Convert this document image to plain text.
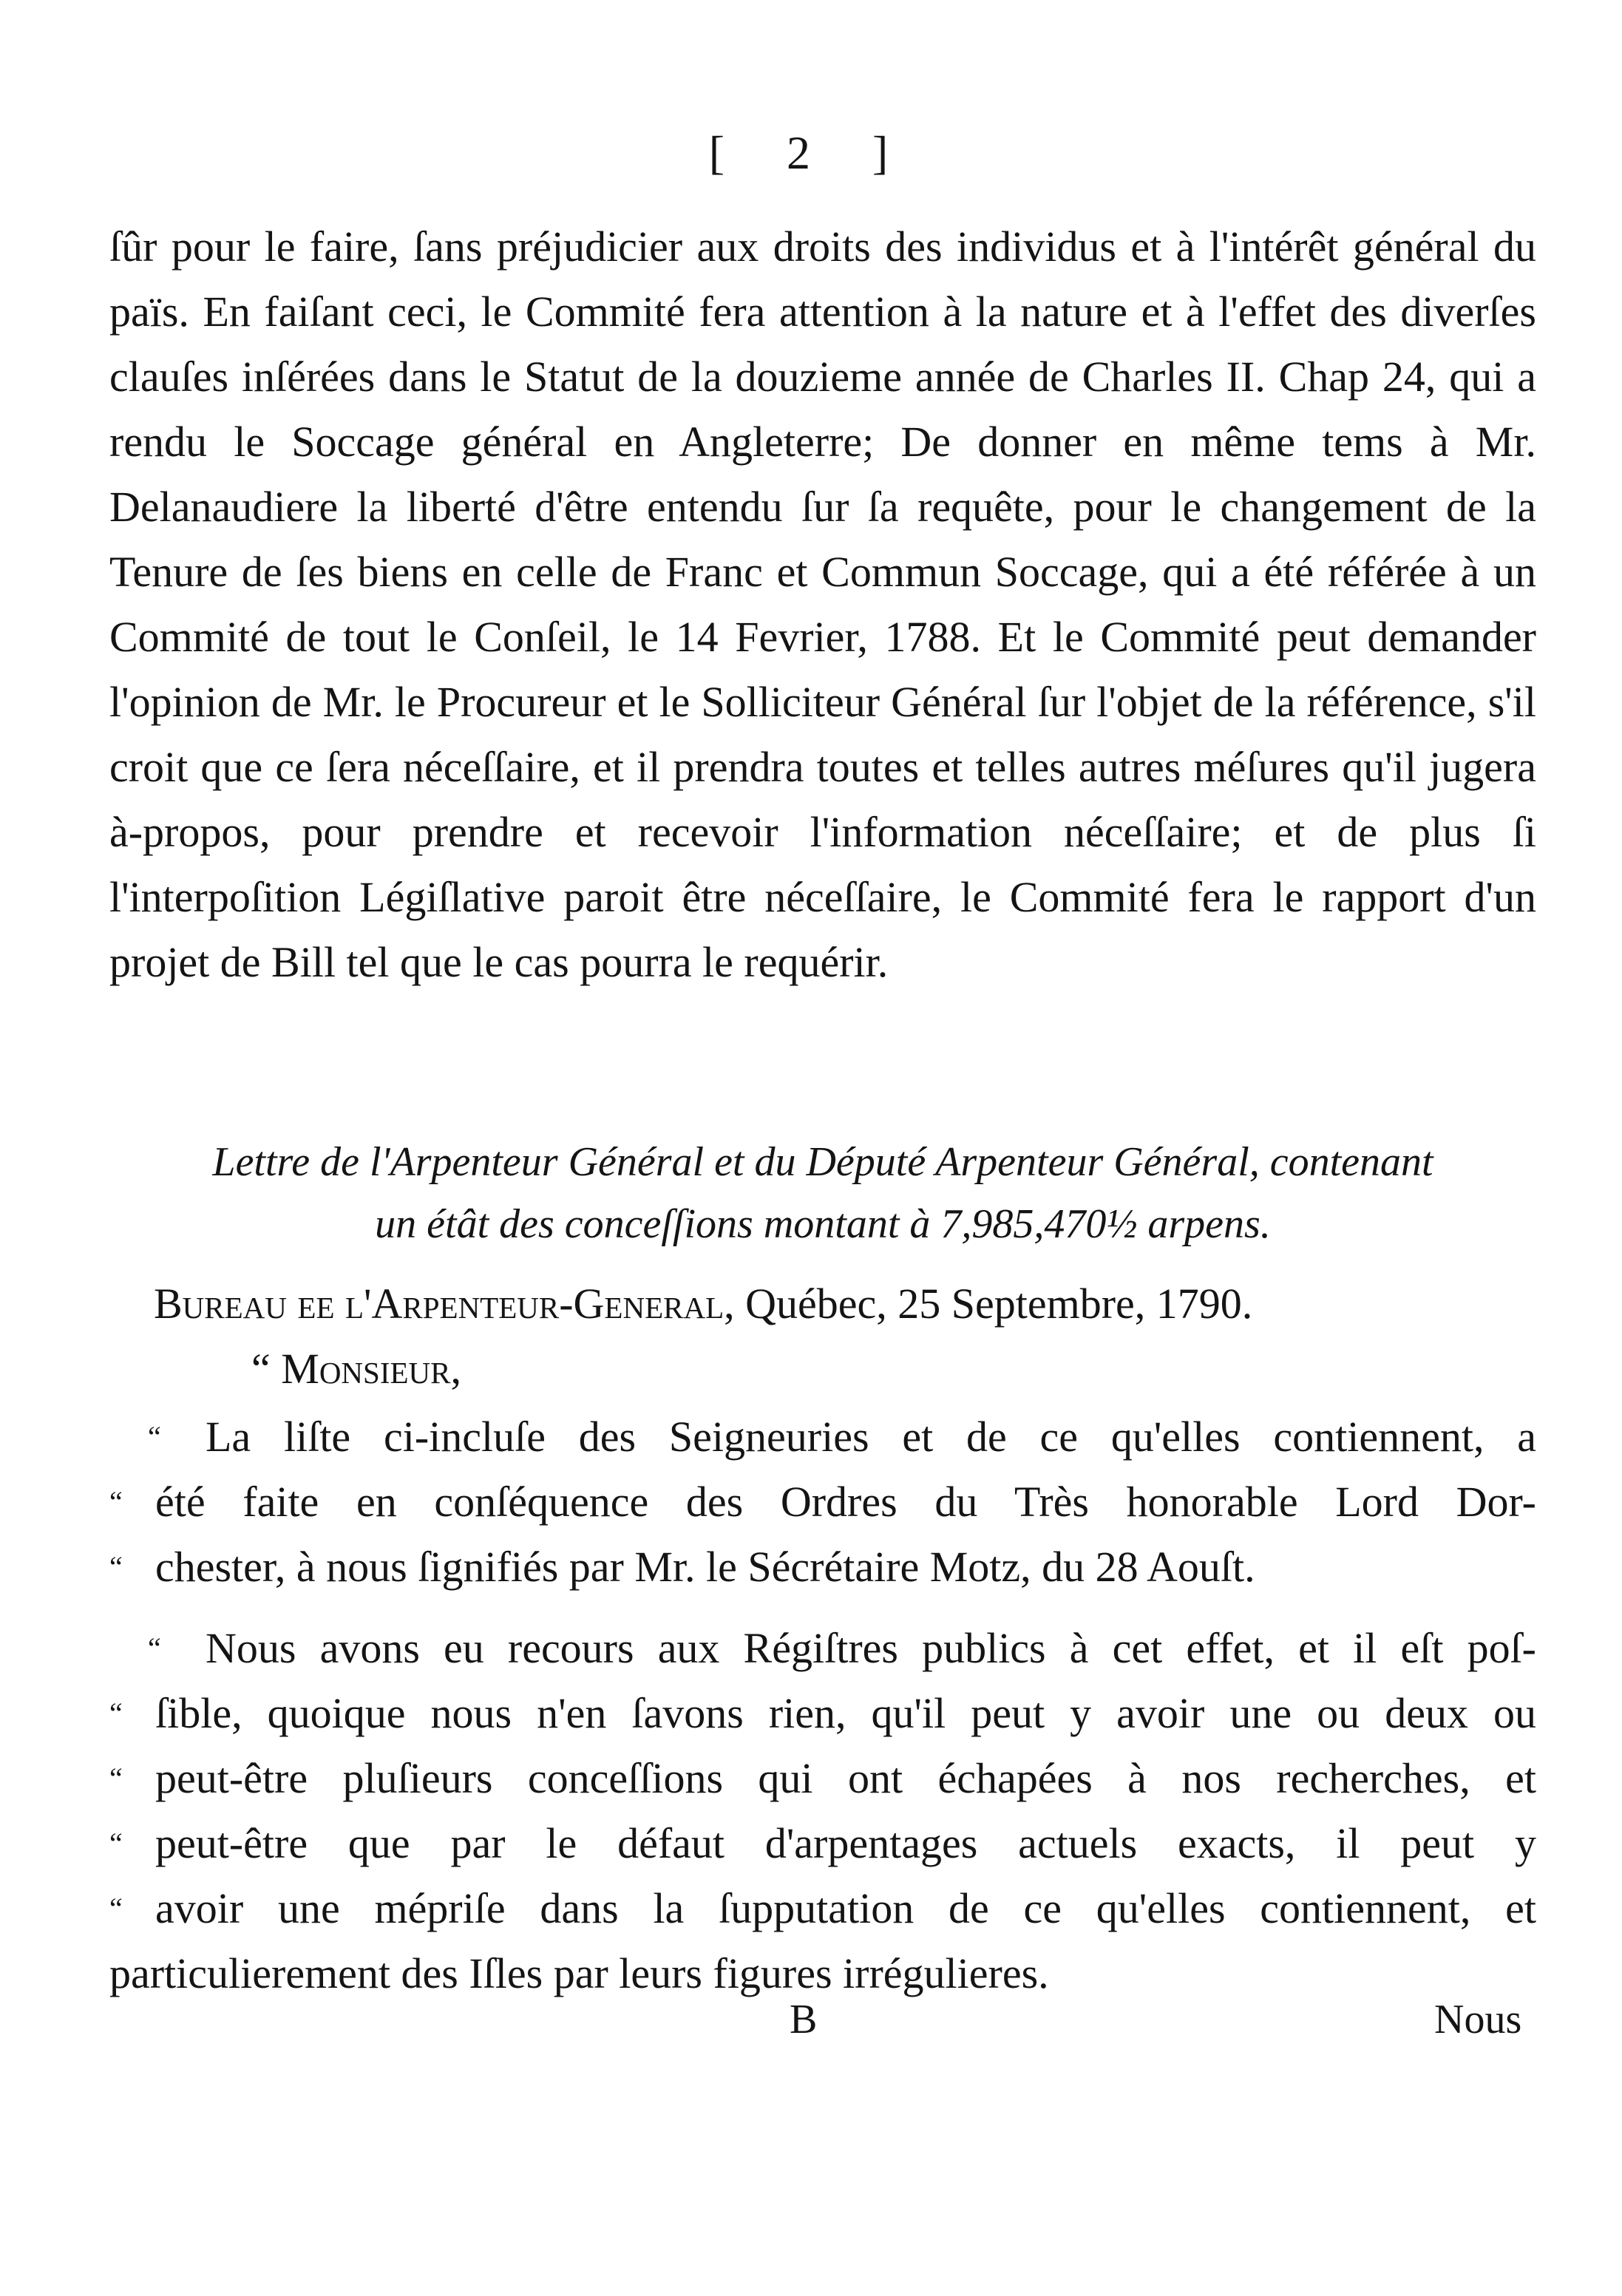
[ 2 ]

ſûr pour le faire, ſans préjudicier aux droits des individus et à l'intérêt général du païs. En faiſant ceci, le Commité fera attention à la nature et à l'effet des diverſes clauſes inſérées dans le Statut de la douzieme année de Charles II. Chap 24, qui a rendu le Soccage général en Angleterre; De donner en même tems à Mr. Delanaudiere la liberté d'être entendu ſur ſa requête, pour le changement de la Tenure de ſes biens en celle de Franc et Commun Soccage, qui a été référée à un Commité de tout le Conſeil, le 14 Fevrier, 1788. Et le Commité peut demander l'opinion de Mr. le Procureur et le Solliciteur Général ſur l'objet de la référence, s'il croit que ce ſera néceſſaire, et il prendra toutes et telles autres méſures qu'il jugera à-propos, pour prendre et recevoir l'information néceſſaire; et de plus ſi l'interpoſition Légiſlative paroit être néceſſaire, le Commité fera le rapport d'un projet de Bill tel que le cas pourra le requérir.

Lettre de l'Arpenteur Général et du Député Arpenteur Général, contenant
un étât des conceſſions montant à 7,985,470½ arpens.

Bureau ee l'Arpenteur-General, Québec, 25 Septembre, 1790.

“ Monsieur,

“ La liſte ci-incluſe des Seigneuries et de ce qu'elles contiennent, a
“ été faite en conſéquence des Ordres du Très honorable Lord Dor-
“ chester, à nous ſignifiés par Mr. le Sécrétaire Motz, du 28 Aouſt.
“ Nous avons eu recours aux Régiſtres publics à cet effet, et il eſt poſ-
“ ſible, quoique nous n'en ſavons rien, qu'il peut y avoir une ou deux ou
“ peut-être pluſieurs conceſſions qui ont échapées à nos recherches, et
“ peut-être que par le défaut d'arpentages actuels exacts, il peut y
“ avoir une mépriſe dans la ſupputation de ce qu'elles contiennent, et
particulierement des Iſles par leurs figures irrégulieres.
B	Nous
